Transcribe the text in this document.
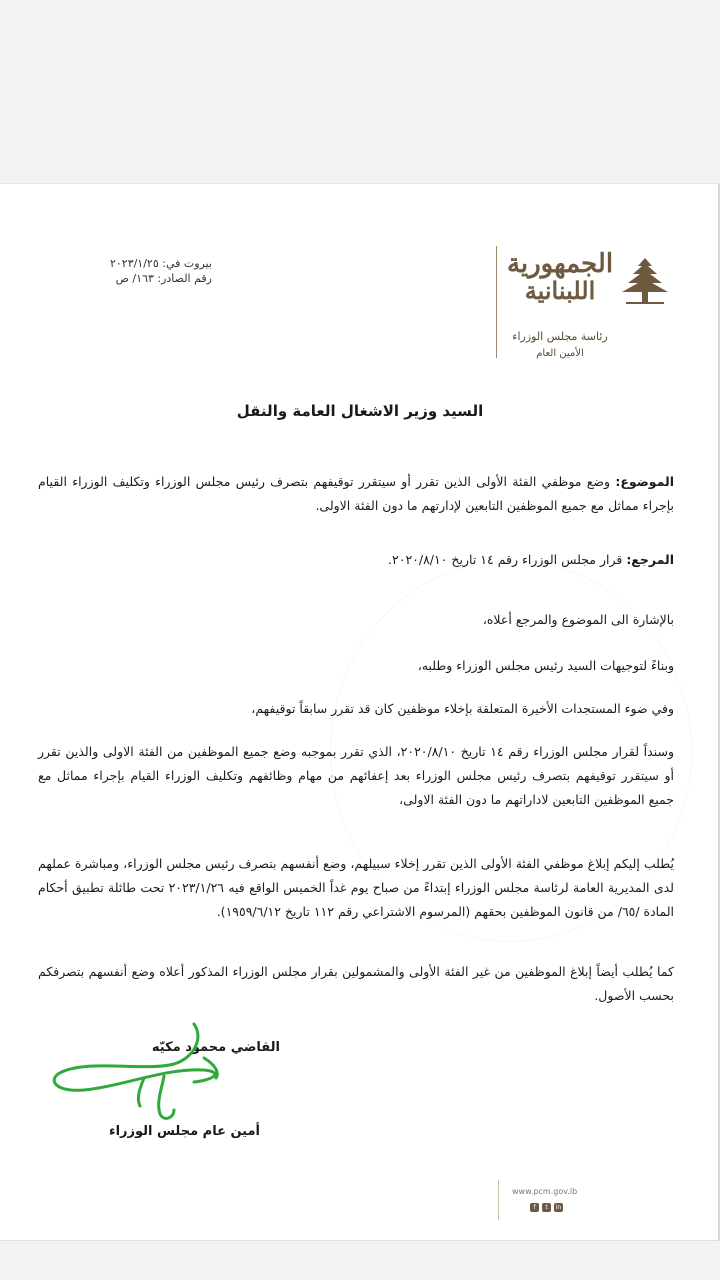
بيروت في: ٢٠٢٣/١/٢٥
رقم الصادر: ١٦٣/ ص	الجمهورية
اللبنانية
رئاسة مجلس الوزراء
الأمين العام
السيد وزير الاشغال العامة والنقل
الموضوع: وضع موظفي الفئة الأولى الذين تقرر أو سيتقرر توقيفهم بتصرف رئيس مجلس الوزراء وتكليف الوزراء القيام بإجراء مماثل مع جميع الموظفين التابعين لإدارتهم ما دون الفئة الاولى.
المرجع: قرار مجلس الوزراء رقم ١٤ تاريخ ٢٠٢٠/٨/١٠.
بالإشارة الى الموضوع والمرجع أعلاه،
وبناءً لتوجيهات السيد رئيس مجلس الوزراء وطلبه،
وفي ضوء المستجدات الأخيرة المتعلقة بإخلاء موظفين كان قد تقرر سابقاً توقيفهم،
وسنداً لقرار مجلس الوزراء رقم ١٤ تاريخ ٢٠٢٠/٨/١٠، الذي تقرر بموجبه وضع جميع الموظفين من الفئة الاولى والذين تقرر أو سيتقرر توقيفهم بتصرف رئيس مجلس الوزراء بعد إعفائهم من مهام وظائفهم وتكليف الوزراء القيام بإجراء مماثل مع جميع الموظفين التابعين لاداراتهم ما دون الفئة الاولى،
يُطلب إليكم إبلاغ موظفي الفئة الأولى الذين تقرر إخلاء سبيلهم، وضع أنفسهم بتصرف رئيس مجلس الوزراء، ومباشرة عملهم لدى المديرية العامة لرئاسة مجلس الوزراء إبتداءً من صباح يوم غداً الخميس الواقع فيه ٢٠٢٣/١/٢٦ تحت طائلة تطبيق أحكام المادة /٦٥/ من قانون الموظفين بحقهم (المرسوم الاشتراعي رقم ١١٢ تاريخ ١٩٥٩/٦/١٢).
كما يُطلب أيضاً إبلاغ الموظفين من غير الفئة الأولى والمشمولين بقرار مجلس الوزراء المذكور أعلاه وضع أنفسهم بتصرفكم بحسب الأصول.
القاضي محمود مكيّه
أمين عام مجلس الوزراء
www.pcm.gov.lb
f	t	in
